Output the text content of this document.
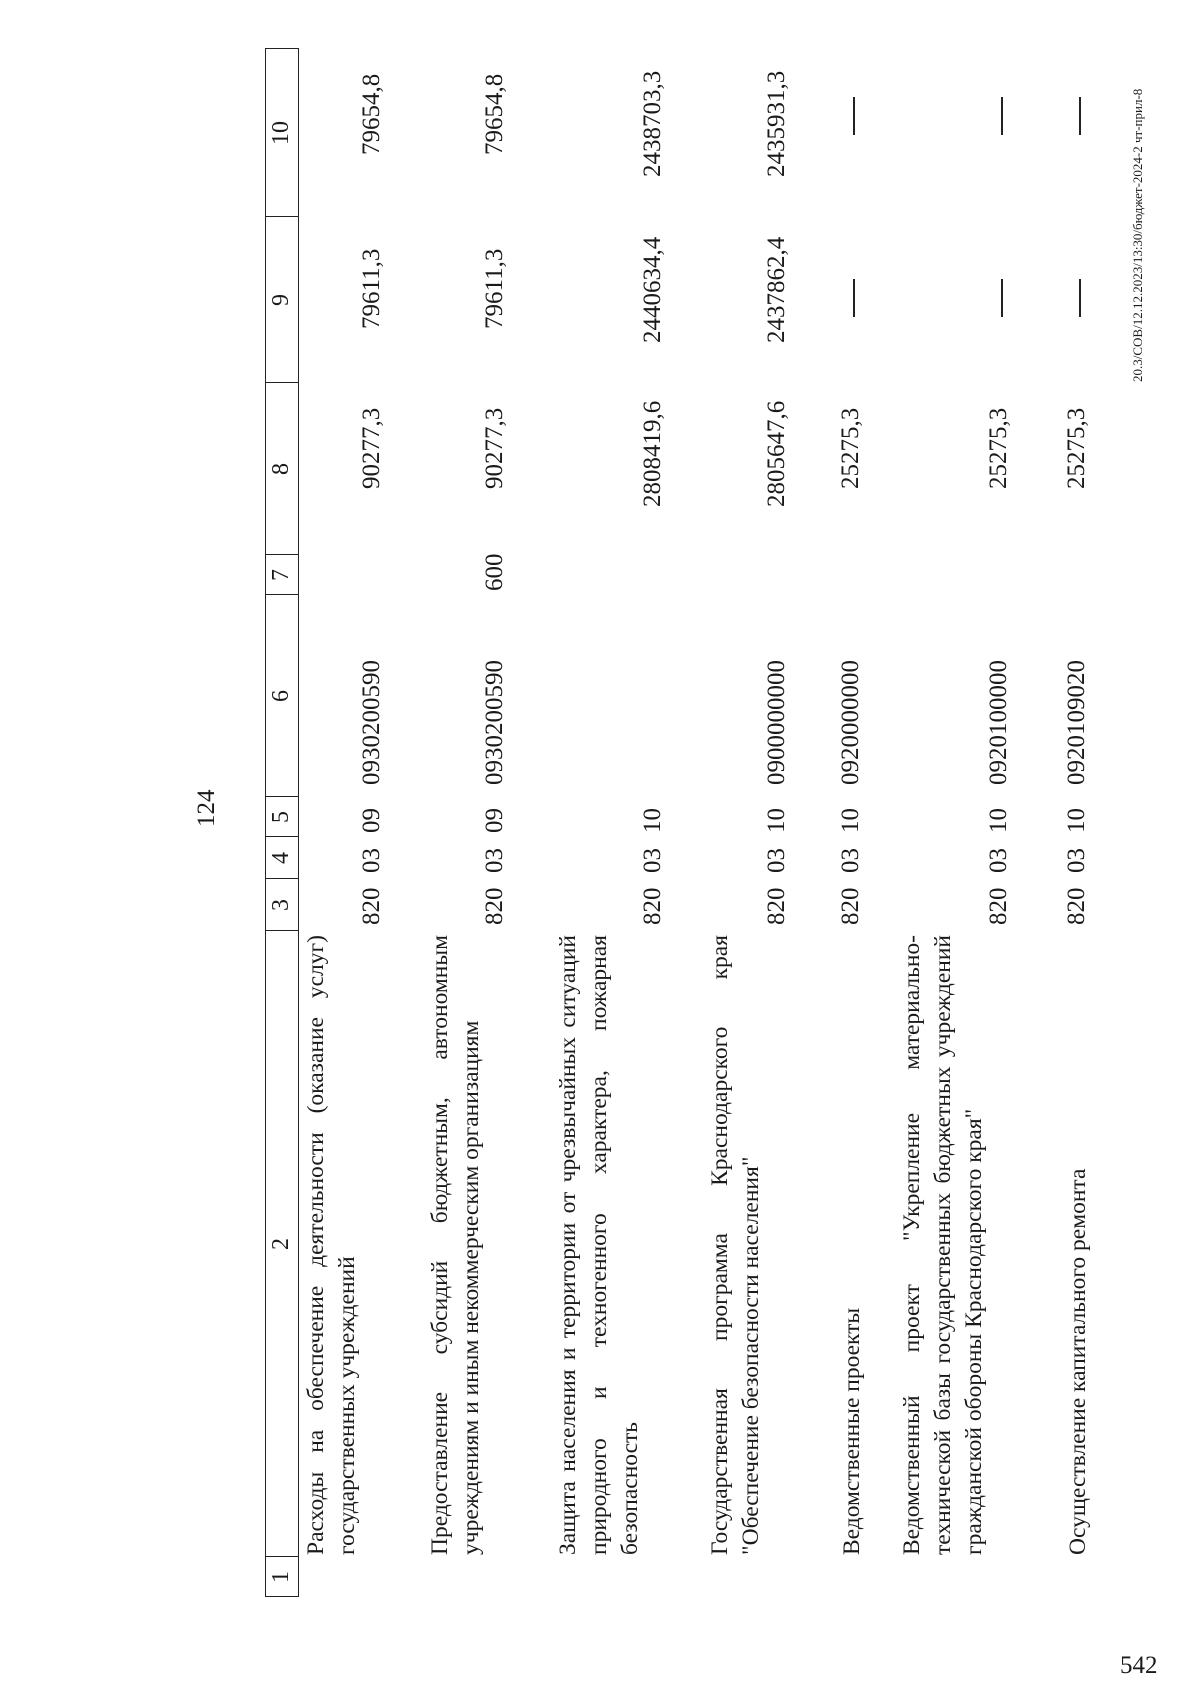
124
1
2
3
4
5
6
7
8
9
10
Расходы на обеспечение деятельности (оказание услуг) государственных учреждений
820
03
09
0930200590
90277,3
79611,3
79654,8
Предоставление субсидий бюджетным, автономным учреждениям и иным некоммерческим организациям
820
03
09
0930200590
600
90277,3
79611,3
79654,8
Защита населения и территории от чрезвычайных ситуаций природного и техногенного характера, пожарная безопасность
820
03
10
2808419,6
2440634,4
2438703,3
Государственная программа Краснодарского края "Обеспечение безопасности населения"
820
03
10
0900000000
2805647,6
2437862,4
2435931,3
Ведомственные проекты
820
03
10
0920000000
25275,3
Ведомственный проект "Укрепление материально-технической базы государственных бюджетных учреждений гражданской обороны Краснодарского края"
820
03
10
0920100000
25275,3
Осуществление капитального ремонта
820
03
10
0920109020
25275,3
20.3/СОВ/12.12.2023/13:30/бюджет-2024-2 чт-прил-8
542
